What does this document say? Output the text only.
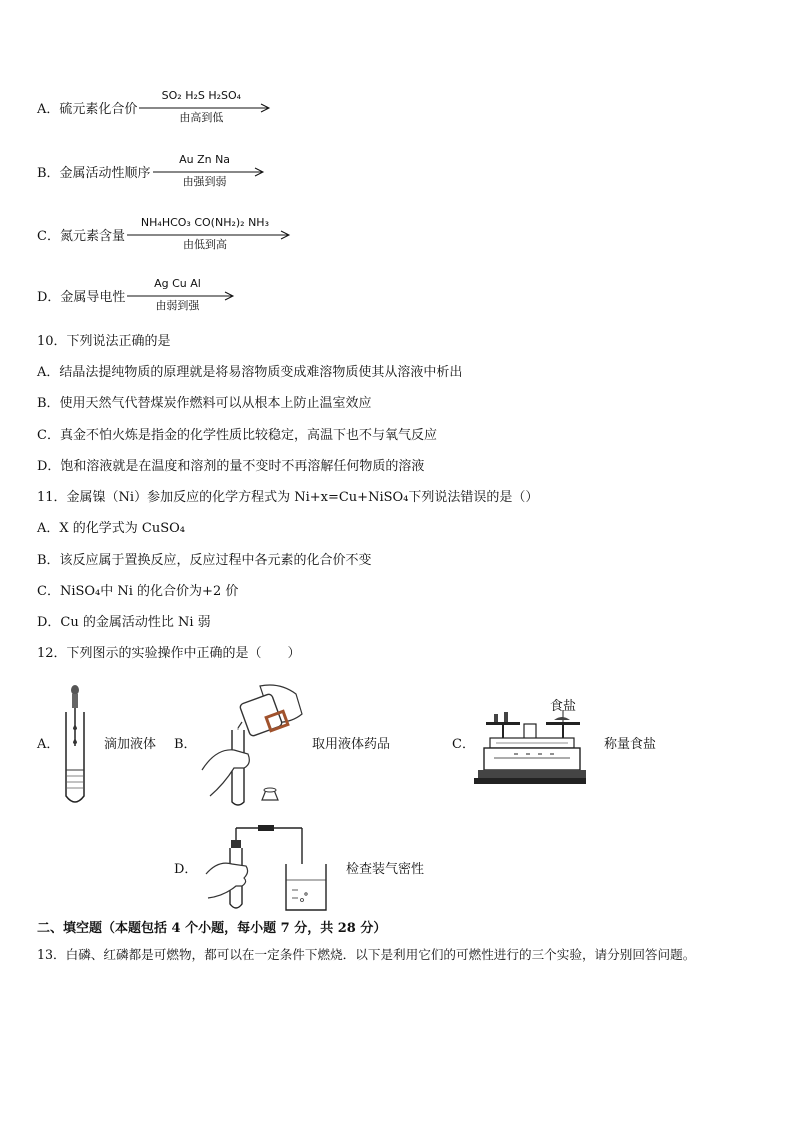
A．硫元素化合价
SO₂ H₂S H₂SO₄
由高到低
B．金属活动性顺序
Au Zn Na
由强到弱
C．氮元素含量
NH₄HCO₃ CO(NH₂)₂ NH₃
由低到高
D．金属导电性
Ag Cu Al
由弱到强
10．下列说法正确的是
A．结晶法提纯物质的原理就是将易溶物质变成难溶物质使其从溶液中析出
B．使用天然气代替煤炭作燃料可以从根本上防止温室效应
C．真金不怕火炼是指金的化学性质比较稳定，高温下也不与氧气反应
D．饱和溶液就是在温度和溶剂的量不变时不再溶解任何物质的溶液
11．金属镍（Ni）参加反应的化学方程式为 Ni+x=Cu+NiSO₄下列说法错误的是（）
A．X 的化学式为 CuSO₄
B．该反应属于置换反应，反应过程中各元素的化合价不变
C．NiSO₄中 Ni 的化合价为+2 价
D．Cu 的金属活动性比 Ni 弱
12．下列图示的实验操作中正确的是（　　）
A．	滴加液体 B．	取用液体药品	C．
食盐
称量食盐
D．	检查装气密性
二、填空题（本题包括 4 个小题，每小题 7 分，共 28 分）
13．白磷、红磷都是可燃物，都可以在一定条件下燃烧．以下是利用它们的可燃性进行的三个实验，请分别回答问题。
